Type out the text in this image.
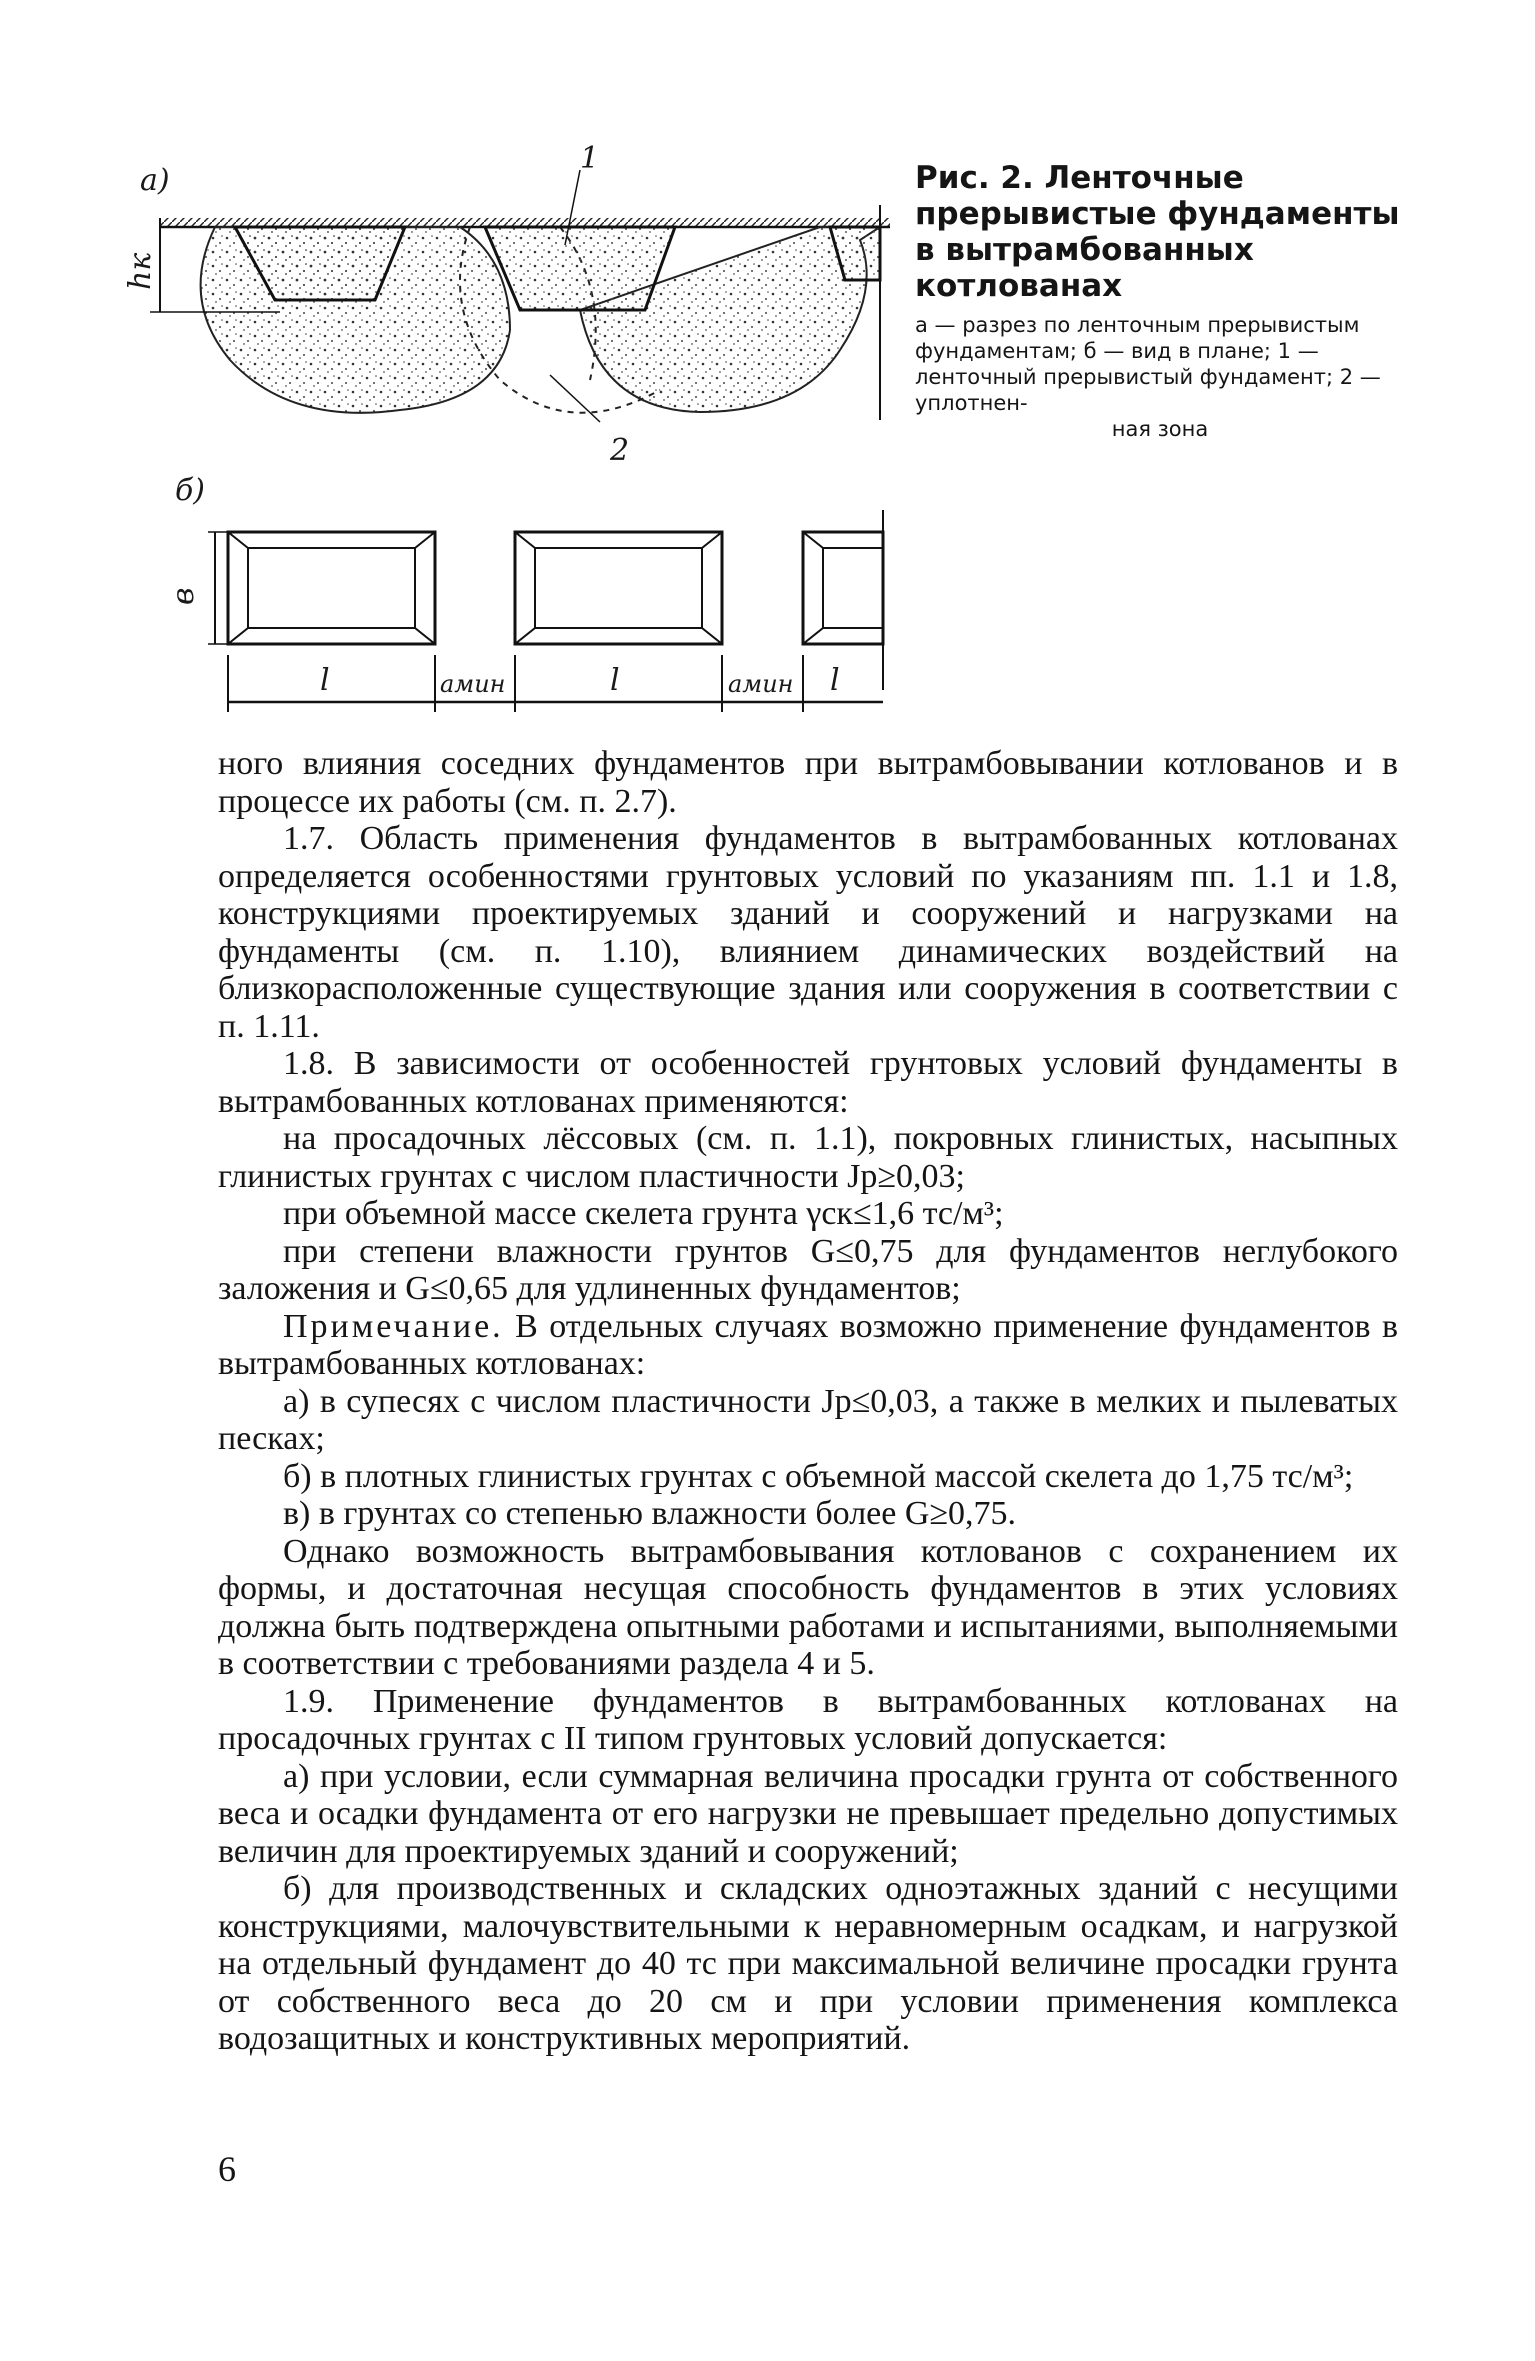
а)
hк
1
2
б)
в
l	aмин	l	aмин l

Рис. 2. Ленточные прерывистые фундаменты в вытрамбованных котлованах

а — разрез по ленточным прерывистым фундаментам; б — вид в плане; 1 — ленточный прерывистый фундамент; 2 — уплотнен-
ная зона

ного влияния соседних фундаментов при вытрамбовывании котлованов и в процессе их работы (см. п. 2.7).

1.7. Область применения фундаментов в вытрамбованных котлованах определяется особенностями грунтовых условий по указаниям пп. 1.1 и 1.8, конструкциями проектируемых зданий и сооружений и нагрузками на фундаменты (см. п. 1.10), влиянием динамических воздействий на близкорасположенные существующие здания или сооружения в соответствии с п. 1.11.

1.8. В зависимости от особенностей грунтовых условий фундаменты в вытрамбованных котлованах применяются:

на просадочных лёссовых (см. п. 1.1), покровных глинистых, насыпных глинистых грунтах с числом пластичности Jр≥0,03;

при объемной массе скелета грунта γск≤1,6 тс/м³;

при степени влажности грунтов G≤0,75 для фундаментов неглубокого заложения и G≤0,65 для удлиненных фундаментов;

Примечание. В отдельных случаях возможно применение фундаментов в вытрамбованных котлованах:

а) в супесях с числом пластичности Jр≤0,03, а также в мелких и пылеватых песках;

б) в плотных глинистых грунтах с объемной массой скелета до 1,75 тс/м³;

в) в грунтах со степенью влажности более G≥0,75.

Однако возможность вытрамбовывания котлованов с сохранением их формы, и достаточная несущая способность фундаментов в этих условиях должна быть подтверждена опытными работами и испытаниями, выполняемыми в соответствии с требованиями раздела 4 и 5.

1.9. Применение фундаментов в вытрамбованных котлованах на просадочных грунтах с II типом грунтовых условий допускается:

а) при условии, если суммарная величина просадки грунта от собственного веса и осадки фундамента от его нагрузки не превышает предельно допустимых величин для проектируемых зданий и сооружений;

б) для производственных и складских одноэтажных зданий с несущими конструкциями, малочувствительными к неравномерным осадкам, и нагрузкой на отдельный фундамент до 40 тс при максимальной величине просадки грунта от собственного веса до 20 см и при условии применения комплекса водозащитных и конструктивных мероприятий.

6
